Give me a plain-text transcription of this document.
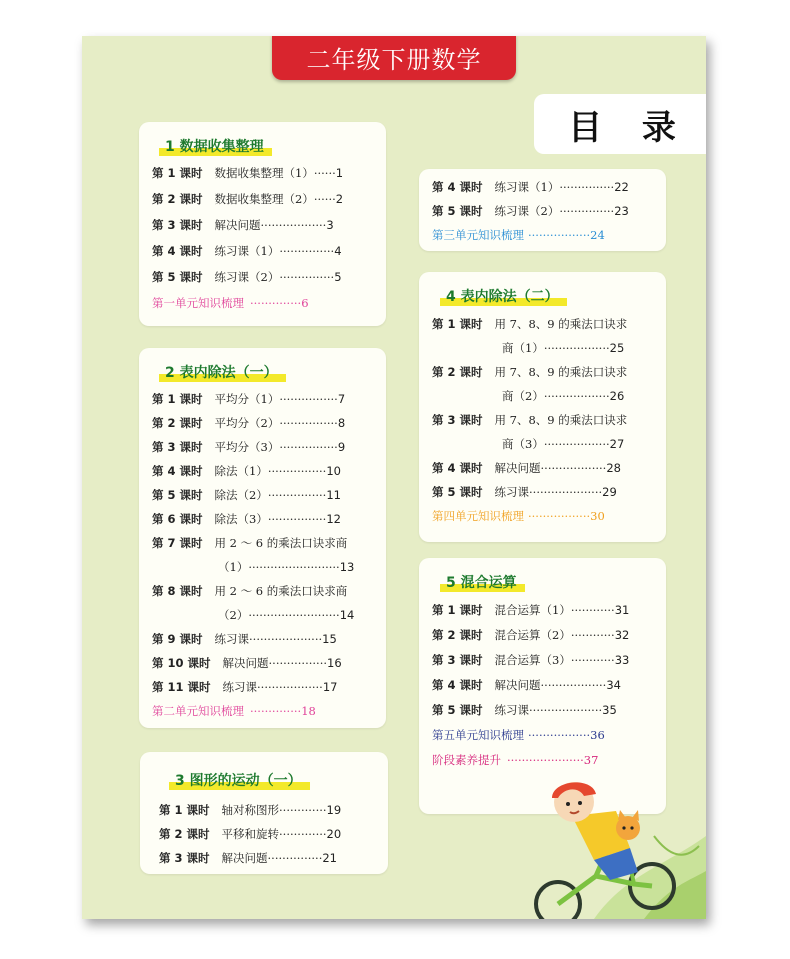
二年级下册数学
目 录
1 数据收集整理
第 1 课时 数据收集整理（1） ······ 1
第 2 课时 数据收集整理（2） ······ 2
第 3 课时 解决问题 ·················· 3
第 4 课时 练习课（1） ··············· 4
第 5 课时 练习课（2） ··············· 5
第一单元知识梳理 ·············· 6
2 表内除法（一）
第 1 课时 平均分（1） ················ 7
第 2 课时 平均分（2） ················ 8
第 3 课时 平均分（3） ················ 9
第 4 课时 除法（1） ················ 10
第 5 课时 除法（2） ················ 11
第 6 课时 除法（3） ················ 12
第 7 课时 用 2 ～ 6 的乘法口诀求商
（1） ························· 13
第 8 课时 用 2 ～ 6 的乘法口诀求商
（2） ························· 14
第 9 课时 练习课 ···················· 15
第 10 课时 解决问题 ················ 16
第 11 课时 练习课 ·················· 17
第二单元知识梳理 ·············· 18
3 图形的运动（一）
第 1 课时 轴对称图形 ············· 19
第 2 课时 平移和旋转 ············· 20
第 3 课时 解决问题 ··············· 21
第 4 课时 练习课（1） ··············· 22
第 5 课时 练习课（2） ··············· 23
第三单元知识梳理 ················· 24
4 表内除法（二）
第 1 课时 用 7、8、9 的乘法口诀求
商（1） ·················· 25
第 2 课时 用 7、8、9 的乘法口诀求
商（2） ·················· 26
第 3 课时 用 7、8、9 的乘法口诀求
商（3） ·················· 27
第 4 课时 解决问题 ·················· 28
第 5 课时 练习课 ···················· 29
第四单元知识梳理 ················· 30
5 混合运算
第 1 课时 混合运算（1） ············ 31
第 2 课时 混合运算（2） ············ 32
第 3 课时 混合运算（3） ············ 33
第 4 课时 解决问题 ·················· 34
第 5 课时 练习课 ···················· 35
第五单元知识梳理 ················· 36
阶段素养提升 ····················· 37
